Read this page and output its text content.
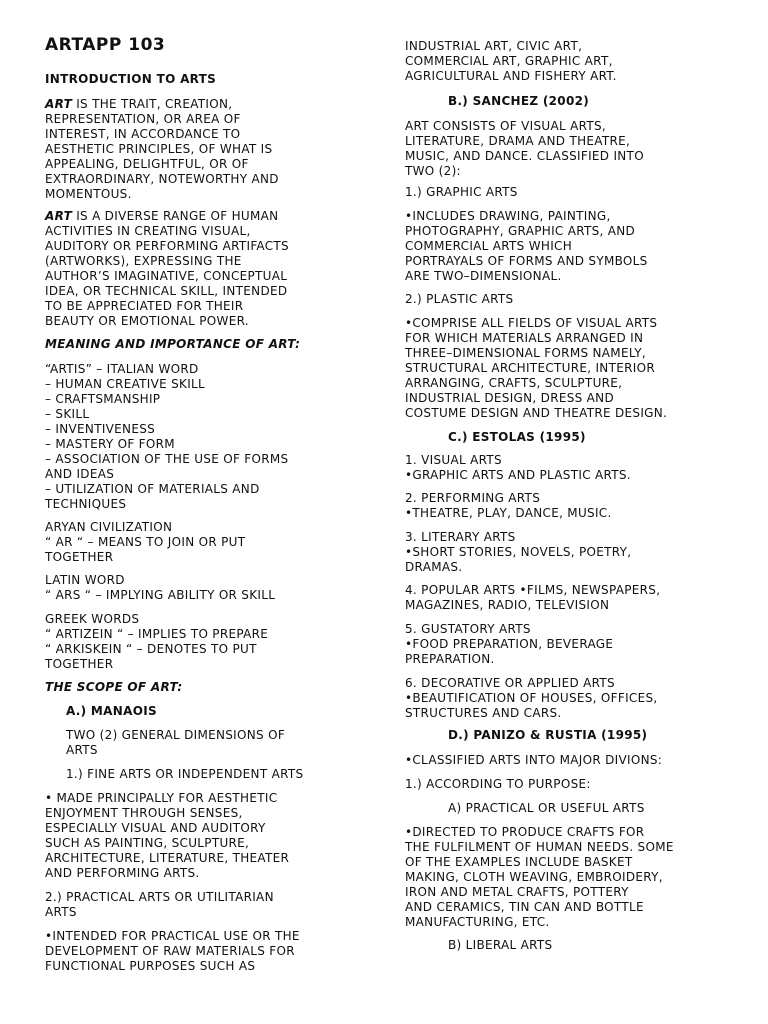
ARTAPP 103
INTRODUCTION TO ARTS
ART IS THE TRAIT, CREATION,
REPRESENTATION, OR AREA OF
INTEREST, IN ACCORDANCE TO
AESTHETIC PRINCIPLES, OF WHAT IS
APPEALING, DELIGHTFUL, OR OF
EXTRAORDINARY, NOTEWORTHY AND
MOMENTOUS.
ART IS A DIVERSE RANGE OF HUMAN
ACTIVITIES IN CREATING VISUAL,
AUDITORY OR PERFORMING ARTIFACTS
(ARTWORKS), EXPRESSING THE
AUTHOR’S IMAGINATIVE, CONCEPTUAL
IDEA, OR TECHNICAL SKILL, INTENDED
TO BE APPRECIATED FOR THEIR
BEAUTY OR EMOTIONAL POWER.
MEANING AND IMPORTANCE OF ART:
“ARTIS” – ITALIAN WORD
– HUMAN CREATIVE SKILL
– CRAFTSMANSHIP
– SKILL
– INVENTIVENESS
– MASTERY OF FORM
– ASSOCIATION OF THE USE OF FORMS
AND IDEAS
– UTILIZATION OF MATERIALS AND
TECHNIQUES
ARYAN CIVILIZATION
“ AR “ – MEANS TO JOIN OR PUT
TOGETHER
LATIN WORD
“ ARS “ – IMPLYING ABILITY OR SKILL
GREEK WORDS
“ ARTIZEIN “ – IMPLIES TO PREPARE
“ ARKISKEIN “ – DENOTES TO PUT
TOGETHER
THE SCOPE OF ART:
A.) MANAOIS
TWO (2) GENERAL DIMENSIONS OF
ARTS
1.) FINE ARTS OR INDEPENDENT ARTS
• MADE PRINCIPALLY FOR AESTHETIC
ENJOYMENT THROUGH SENSES,
ESPECIALLY VISUAL AND AUDITORY
SUCH AS PAINTING, SCULPTURE,
ARCHITECTURE, LITERATURE, THEATER
AND PERFORMING ARTS.
2.) PRACTICAL ARTS OR UTILITARIAN
ARTS
•INTENDED FOR PRACTICAL USE OR THE
DEVELOPMENT OF RAW MATERIALS FOR
FUNCTIONAL PURPOSES SUCH AS
INDUSTRIAL ART, CIVIC ART,
COMMERCIAL ART, GRAPHIC ART,
AGRICULTURAL AND FISHERY ART.
B.) SANCHEZ (2002)
ART CONSISTS OF VISUAL ARTS,
LITERATURE, DRAMA AND THEATRE,
MUSIC, AND DANCE. CLASSIFIED INTO
TWO (2):
1.) GRAPHIC ARTS
•INCLUDES DRAWING, PAINTING,
PHOTOGRAPHY, GRAPHIC ARTS, AND
COMMERCIAL ARTS WHICH
PORTRAYALS OF FORMS AND SYMBOLS
ARE TWO–DIMENSIONAL.
2.) PLASTIC ARTS
•COMPRISE ALL FIELDS OF VISUAL ARTS
FOR WHICH MATERIALS ARRANGED IN
THREE–DIMENSIONAL FORMS NAMELY,
STRUCTURAL ARCHITECTURE, INTERIOR
ARRANGING, CRAFTS, SCULPTURE,
INDUSTRIAL DESIGN, DRESS AND
COSTUME DESIGN AND THEATRE DESIGN.
C.) ESTOLAS (1995)
1. VISUAL ARTS
•GRAPHIC ARTS AND PLASTIC ARTS.
2. PERFORMING ARTS
•THEATRE, PLAY, DANCE, MUSIC.
3. LITERARY ARTS
•SHORT STORIES, NOVELS, POETRY,
DRAMAS.
4. POPULAR ARTS •FILMS, NEWSPAPERS,
MAGAZINES, RADIO, TELEVISION
5. GUSTATORY ARTS
•FOOD PREPARATION, BEVERAGE
PREPARATION.
6. DECORATIVE OR APPLIED ARTS
•BEAUTIFICATION OF HOUSES, OFFICES,
STRUCTURES AND CARS.
D.) PANIZO & RUSTIA (1995)
•CLASSIFIED ARTS INTO MAJOR DIVIONS:
1.) ACCORDING TO PURPOSE:
A) PRACTICAL OR USEFUL ARTS
•DIRECTED TO PRODUCE CRAFTS FOR
THE FULFILMENT OF HUMAN NEEDS. SOME
OF THE EXAMPLES INCLUDE BASKET
MAKING, CLOTH WEAVING, EMBROIDERY,
IRON AND METAL CRAFTS, POTTERY
AND CERAMICS, TIN CAN AND BOTTLE
MANUFACTURING, ETC.
B) LIBERAL ARTS
